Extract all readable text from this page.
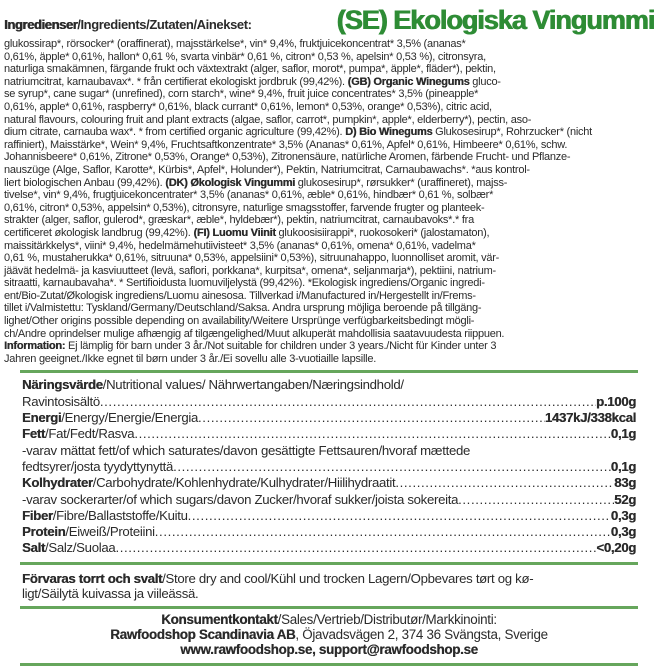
Ingredienser/Ingredients/Zutaten/Ainekset:	(SE) Ekologiska Vingummi
glukossirap*, rörsocker* (oraffinerat), majsstärkelse*, vin* 9,4%, fruktjuicekoncentrat* 3,5% (ananas*
0,61%, äpple* 0,61%, hallon* 0,61 %, svarta vinbär* 0,61 %, citron* 0,53 %, apelsin* 0,53 %), citronsyra,
naturliga smakämnen, färgande frukt och växtextrakt (alger, saflor, morot*, pumpa*, äpple*, fläder*), pektin,
natriumcitrat, karnaubavax*. * från certifierat ekologiskt jordbruk (99,42%). (GB) Organic Winegums gluco-
se syrup*, cane sugar* (unrefined), corn starch*, wine* 9,4%, fruit juice concentrates* 3,5% (pineapple*
0,61%, apple* 0,61%, raspberry* 0,61%, black currant* 0,61%, lemon* 0,53%, orange* 0,53%), citric acid,
natural flavours, colouring fruit and plant extracts (algae, saflor, carrot*, pumpkin*, apple*, elderberry*), pectin, aso-
dium citrate, carnauba wax*. * from certified organic agriculture (99,42%). D) Bio Winegums Glukosesirup*, Rohrzucker* (nicht
raffiniert), Maisstärke*, Wein* 9,4%, Fruchtsaftkonzentrate* 3,5% (Ananas* 0,61%, Apfel* 0,61%, Himbeere* 0,61%, schw.
Johannisbeere* 0,61%, Zitrone* 0,53%, Orange* 0,53%), Zitronensäure, natürliche Aromen, färbende Frucht- und Pflanze-
nauszüge (Alge, Saflor, Karotte*, Kürbis*, Apfel*, Holunder*), Pektin, Natriumcitrat, Carnaubawachs*. *aus kontrol-
liert biologischen Anbau (99,42%). (DK) Økologisk Vingummi glukosesirup*, rørsukker* (uraffineret), majss-
tivelse*, vin* 9,4%, frugtjuicekoncentrater* 3,5% (ananas* 0,61%, æble* 0,61%, hindbær* 0,61 %, solbær*
0,61%, citron* 0,53%, appelsin* 0,53%), citronsyre, naturlige smagsstoffer, farvende frugter og planteek-
strakter (alger, saflor, gulerod*, græskar*, æble*, hyldebær*), pektin, natriumcitrat, carnaubavoks*.* fra
certificeret økologisk landbrug (99,42%). (FI) Luomu Viinit glukoosisiirappi*, ruokosokeri* (jalostamaton),
maissitärkkelys*, viini* 9,4%, hedelmämehutiivisteet* 3,5% (ananas* 0,61%, omena* 0,61%, vadelma*
0,61 %, mustaherukka* 0,61%, sitruuna* 0,53%, appelsiini* 0,53%), sitruunahappo, luonnolliset aromit, vär-
jäävät hedelmä- ja kasviuutteet (levä, saflori, porkkana*, kurpitsa*, omena*, seljanmarja*), pektiini, natrium-
sitraatti, karnaubavaha*. * Sertifioidusta luomuviljelystä (99,42%). *Ekologisk ingrediens/Organic ingredi-
ent/Bio-Zutat/Økologisk ingrediens/Luomu ainesosa. Tillverkad i/Manufactured in/Hergestellt in/Frems-
tillet i/Valmistettu: Tyskland/Germany/Deutschland/Saksa. Andra ursprung möjliga beroende på tillgäng-
lighet/Other origins possible depending on availability/Weitere Ursprünge verfügbarkeitsbedingt mögli-
ch/Andre oprindelser mulige afhængig af tilgængelighed/Muut alkuperät mahdollisia saatavuudesta riippuen.
Information: Ej lämplig för barn under 3 år./Not suitable for children under 3 years./Nicht für Kinder unter 3
Jahren geeignet./Ikke egnet til børn under 3 år./Ei sovellu alle 3-vuotiaille lapsille.
Näringsvärde /Nutritional values/ Nährwertangaben/Næringsindhold/
Ravintosisältö .....	p.100g
Energi /Energy/Energie/Energia .....	1437kJ/338kcal
Fett /Fat/Fedt/Rasva .....	0,1g
-varav mättat fett/of which saturates/davon gesättigte Fettsauren/hvoraf mættede
fedtsyrer/josta tyydyttynyttä .....	0,1g
Kolhydrater /Carbohydrate/Kohlenhydrate/Kulhydrater/Hiilihydraatit .....	83g
-varav sockerarter/of which sugars/davon Zucker/hvoraf sukker/joista sokereita .....	52g
Fiber /Fibre/Ballaststoffe/Kuitu .....	0,3g
Protein /Eiweiß/Proteiini .....	0,3g
Salt /Salz/Suolaa .....	<0,20g
Förvaras torrt och svalt/Store dry and cool/Kühl und trocken Lagern/Opbevares tørt og kø-
ligt/Säilytä kuivassa ja viileässä.
Konsumentkontakt/Sales/Vertrieb/Distributør/Markkinointi:
Rawfoodshop Scandinavia AB, Öjavadsvägen 2, 374 36 Svängsta, Sverige
www.rawfoodshop.se, support@rawfoodshop.se
